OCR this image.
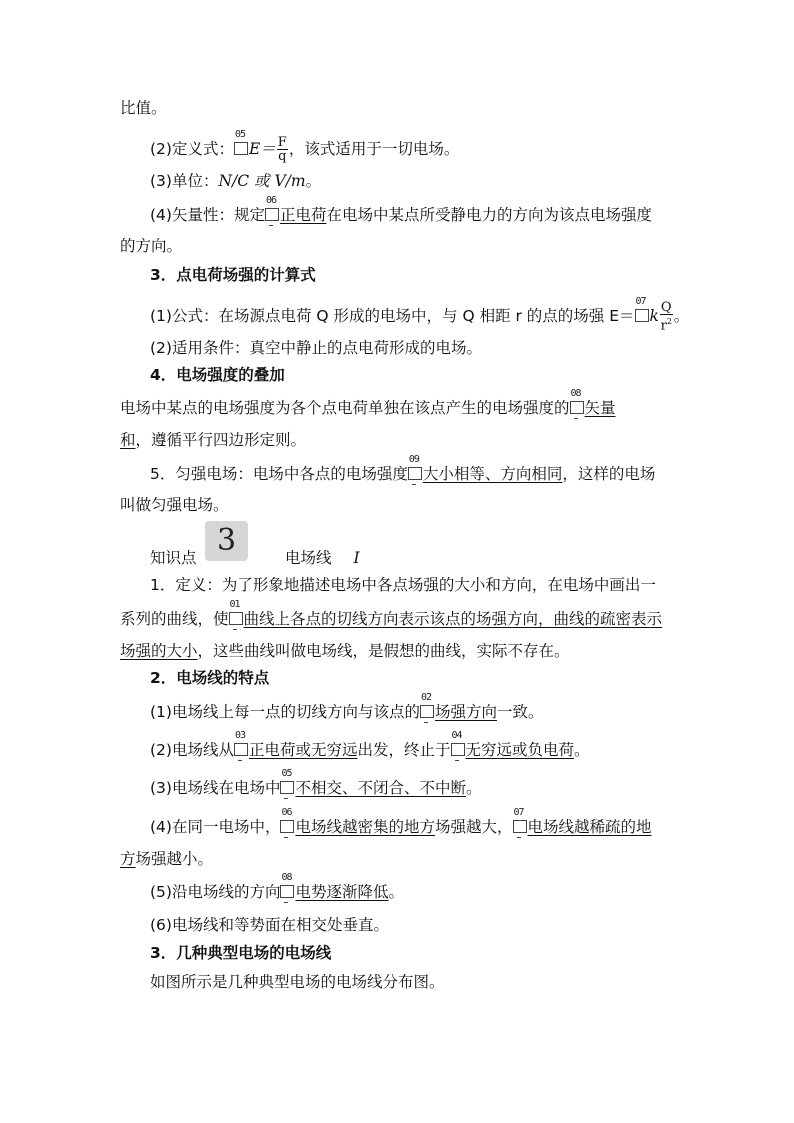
比值。
(2)定义式：
05
$E= \frac{F}{q}$ ，该式适用于一切电场。
(3)单位：N/C 或 V/m。
(4)矢量性：规定
06
正电荷在电场中某点所受静电力的方向为该点电场强度
的方向。
3．点电荷场强的计算式
(1)公式：在场源点电荷 Q 形成的电场中，与 Q 相距 r 的点的场强 E＝
07
k $\frac{Q}{r^2}$ 。
(2)适用条件：真空中静止的点电荷形成的电场。
4．电场强度的叠加
电场中某点的电场强度为各个点电荷单独在该点产生的电场强度的
08
矢量
和，遵循平行四边形定则。
5．匀强电场：电场中各点的电场强度
09
大小相等、方向相同，这样的电场
叫做匀强电场。
知识点 3	电场线 I
1．定义：为了形象地描述电场中各点场强的大小和方向，在电场中画出一
系列的曲线，使
01
曲线上各点的切线方向表示该点的场强方向，曲线的疏密表示
场强的大小，这些曲线叫做电场线，是假想的曲线，实际不存在。
2．电场线的特点
(1)电场线上每一点的切线方向与该点的
02
场强方向一致。
(2)电场线从
03
正电荷或无穷远出发，终止于
04
无穷远或负电荷。
(3)电场线在电场中
05
不相交、不闭合、不中断。
(4)在同一电场中，
06
电场线越密集的地方场强越大，
07
电场线越稀疏的地
方场强越小。
(5)沿电场线的方向
08
电势逐渐降低。
(6)电场线和等势面在相交处垂直。
3．几种典型电场的电场线
如图所示是几种典型电场的电场线分布图。
